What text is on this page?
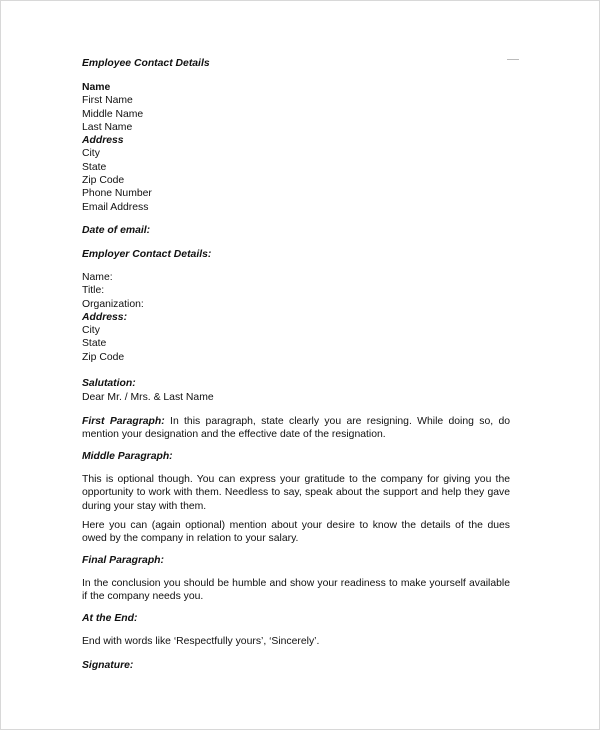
Employee Contact Details
Name
First Name
Middle Name
Last Name
Address
City
State
Zip Code
Phone Number
Email Address
Date of email:
Employer Contact Details:
Name:
Title:
Organization:
Address:
City
State
Zip Code
Salutation:
Dear Mr. / Mrs. & Last Name
First Paragraph: In this paragraph, state clearly you are resigning. While doing so, do mention your designation and the effective date of the resignation.
Middle Paragraph:
This is optional though. You can express your gratitude to the company for giving you the opportunity to work with them. Needless to say, speak about the support and help they gave during your stay with them.
Here you can (again optional) mention about your desire to know the details of the dues owed by the company in relation to your salary.
Final Paragraph:
In the conclusion you should be humble and show your readiness to make yourself available if the company needs you.
At the End:
End with words like ‘Respectfully yours’, ‘Sincerely’.
Signature:
